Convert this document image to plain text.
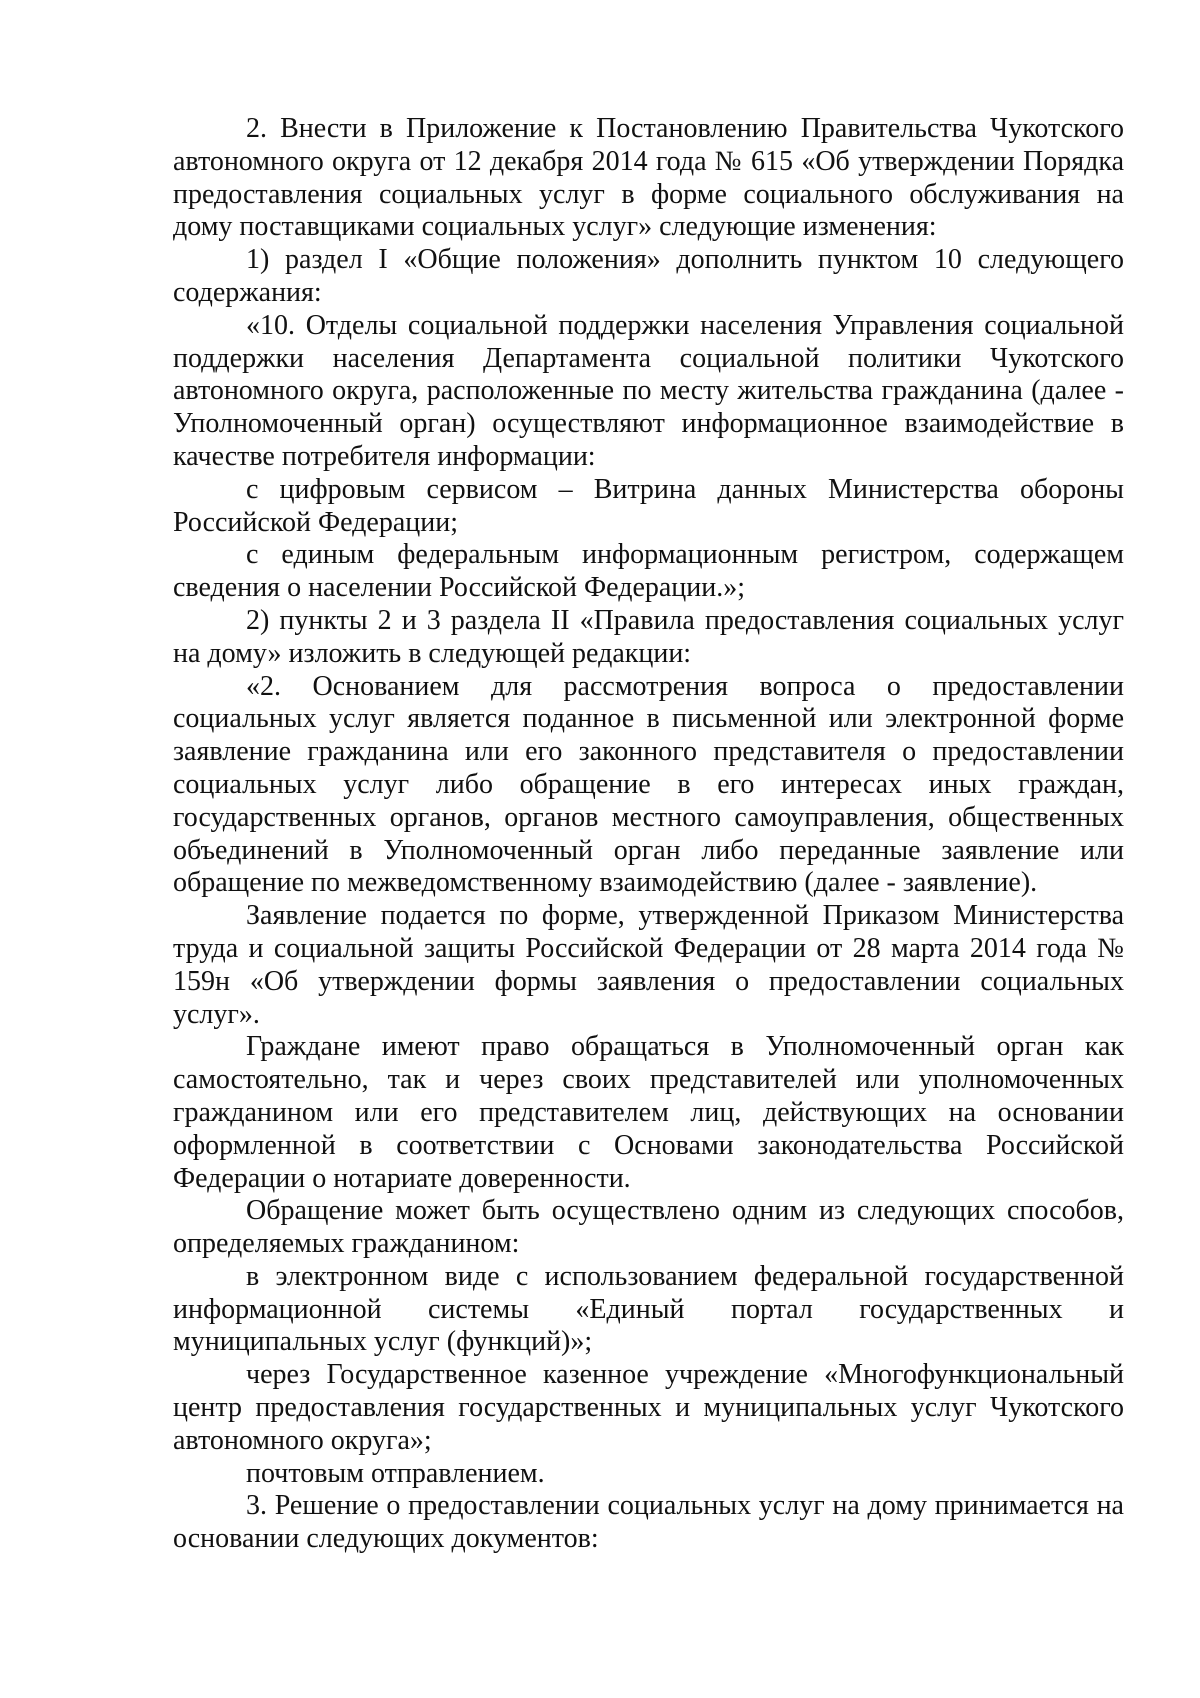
2. Внести в Приложение к Постановлению Правительства Чукотского автономного округа от 12 декабря 2014 года № 615 «Об утверждении Порядка предоставления социальных услуг в форме социального обслуживания на дому поставщиками социальных услуг» следующие изменения:

1) раздел I «Общие положения» дополнить пунктом 10 следующего содержания:

«10. Отделы социальной поддержки населения Управления социальной поддержки населения Департамента социальной политики Чукотского автономного округа, расположенные по месту жительства гражданина (далее - Уполномоченный орган) осуществляют информационное взаимодействие в качестве потребителя информации:

с цифровым сервисом – Витрина данных Министерства обороны Российской Федерации;

с единым федеральным информационным регистром, содержащем сведения о населении Российской Федерации.»;

2) пункты 2 и 3 раздела II «Правила предоставления социальных услуг на дому» изложить в следующей редакции:

«2. Основанием для рассмотрения вопроса о предоставлении социальных услуг является поданное в письменной или электронной форме заявление гражданина или его законного представителя о предоставлении социальных услуг либо обращение в его интересах иных граждан, государственных органов, органов местного самоуправления, общественных объединений в Уполномоченный орган либо переданные заявление или обращение по межведомственному взаимодействию (далее - заявление).

Заявление подается по форме, утвержденной Приказом Министерства труда и социальной защиты Российской Федерации от 28 марта 2014 года № 159н «Об утверждении формы заявления о предоставлении социальных услуг».

Граждане имеют право обращаться в Уполномоченный орган как самостоятельно, так и через своих представителей или уполномоченных гражданином или его представителем лиц, действующих на основании оформленной в соответствии с Основами законодательства Российской Федерации о нотариате доверенности.

Обращение может быть осуществлено одним из следующих способов, определяемых гражданином:

в электронном виде с использованием федеральной государственной информационной системы «Единый портал государственных и муниципальных услуг (функций)»;

через Государственное казенное учреждение «Многофункциональный центр предоставления государственных и муниципальных услуг Чукотского автономного округа»;

почтовым отправлением.

3. Решение о предоставлении социальных услуг на дому принимается на основании следующих документов:
